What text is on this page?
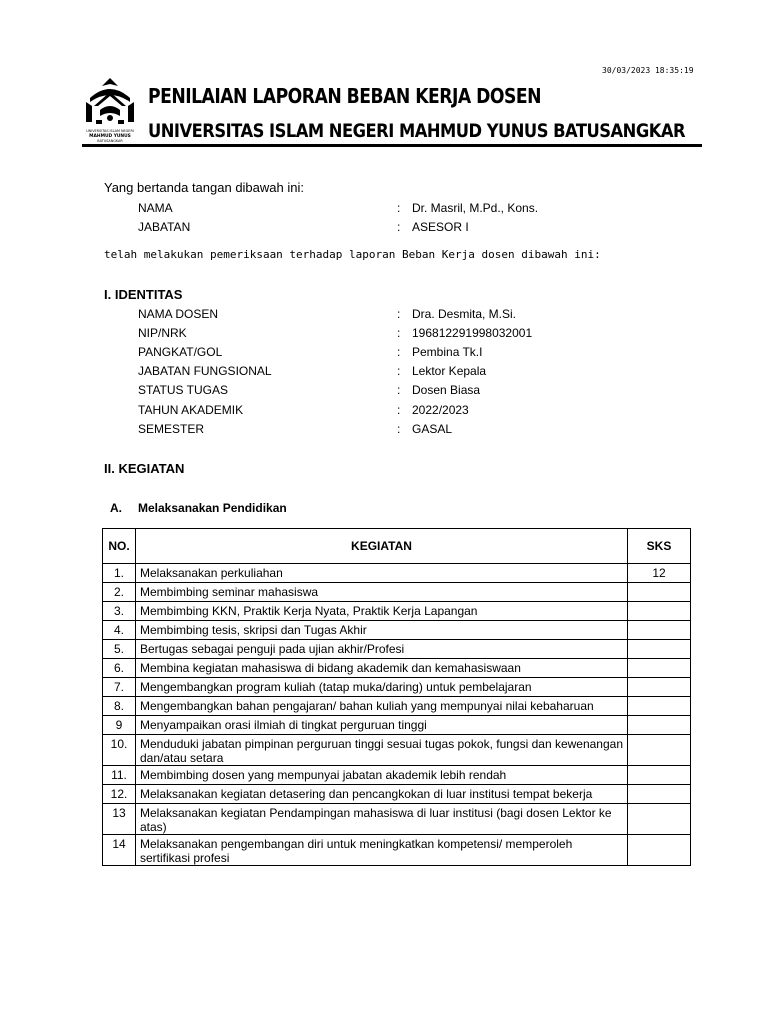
30/03/2023 18:35:19
UNIVERSITAS ISLAM NEGERI
MAHMUD YUNUS
BATUSANGKAR
PENILAIAN LAPORAN BEBAN KERJA DOSEN
UNIVERSITAS ISLAM NEGERI MAHMUD YUNUS BATUSANGKAR
Yang bertanda tangan dibawah ini:
NAMA	: Dr. Masril, M.Pd., Kons.
JABATAN	: ASESOR I
telah melakukan pemeriksaan terhadap laporan Beban Kerja dosen dibawah ini:
I. IDENTITAS
NAMA DOSEN	: Dra. Desmita, M.Si.
NIP/NRK	: 196812291998032001
PANGKAT/GOL	: Pembina Tk.I
JABATAN FUNGSIONAL	: Lektor Kepala
STATUS TUGAS	: Dosen Biasa
TAHUN AKADEMIK	: 2022/2023
SEMESTER	: GASAL
II. KEGIATAN
A. Melaksanakan Pendidikan
NO.	KEGIATAN	SKS
1.	Melaksanakan perkuliahan	12
2.	Membimbing seminar mahasiswa	
3.	Membimbing KKN, Praktik Kerja Nyata, Praktik Kerja Lapangan	
4.	Membimbing tesis, skripsi dan Tugas Akhir	
5.	Bertugas sebagai penguji pada ujian akhir/Profesi	
6.	Membina kegiatan mahasiswa di bidang akademik dan kemahasiswaan	
7.	Mengembangkan program kuliah (tatap muka/daring) untuk pembelajaran	
8.	Mengembangkan bahan pengajaran/ bahan kuliah yang mempunyai nilai kebaharuan	
9	Menyampaikan orasi ilmiah di tingkat perguruan tinggi	
10.	Menduduki jabatan pimpinan perguruan tinggi sesuai tugas pokok, fungsi dan kewenangan dan/atau setara	
11.	Membimbing dosen yang mempunyai jabatan akademik lebih rendah	
12.	Melaksanakan kegiatan detasering dan pencangkokan di luar institusi tempat bekerja	
13	Melaksanakan kegiatan Pendampingan mahasiswa di luar institusi (bagi dosen Lektor ke atas)	
14	Melaksanakan pengembangan diri untuk meningkatkan kompetensi/ memperoleh sertifikasi profesi	
